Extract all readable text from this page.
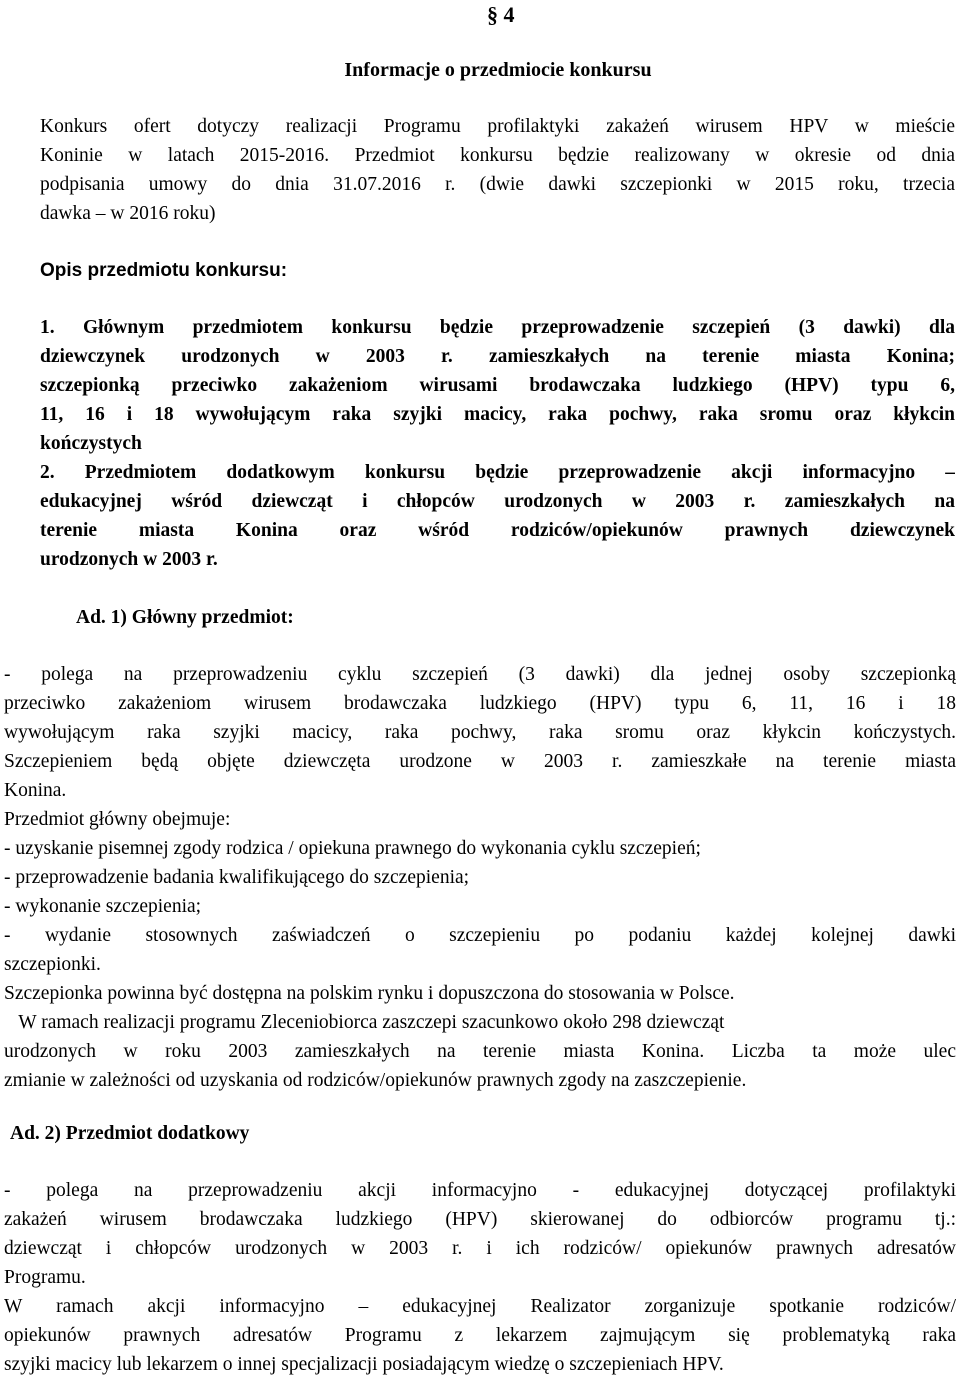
§ 4
Informacje o przedmiocie konkursu
Konkurs ofert dotyczy realizacji Programu profilaktyki zakażeń wirusem HPV w mieście
Koninie w latach 2015-2016. Przedmiot konkursu będzie realizowany w okresie od dnia
podpisania umowy do dnia 31.07.2016 r. (dwie dawki szczepionki w 2015 roku, trzecia
dawka – w 2016 roku)
Opis przedmiotu konkursu:
1. Głównym przedmiotem konkursu będzie przeprowadzenie szczepień (3 dawki) dla
dziewczynek urodzonych w 2003 r. zamieszkałych na terenie miasta Konina;
szczepionką przeciwko zakażeniom wirusami brodawczaka ludzkiego (HPV) typu 6,
11, 16 i 18 wywołującym raka szyjki macicy, raka pochwy, raka sromu oraz kłykcin
kończystych
2. Przedmiotem dodatkowym konkursu będzie przeprowadzenie akcji informacyjno –
edukacyjnej wśród dziewcząt i chłopców urodzonych w 2003 r. zamieszkałych na
terenie miasta Konina oraz wśród rodziców/opiekunów prawnych dziewczynek
urodzonych w 2003 r.
Ad. 1) Główny przedmiot:
- polega na przeprowadzeniu cyklu szczepień (3 dawki) dla jednej osoby szczepionką
przeciwko zakażeniom wirusem brodawczaka ludzkiego (HPV) typu 6, 11, 16 i 18
wywołującym raka szyjki macicy, raka pochwy, raka sromu oraz kłykcin kończystych.
Szczepieniem będą objęte dziewczęta urodzone w 2003 r. zamieszkałe na terenie miasta
Konina.
Przedmiot główny obejmuje:
- uzyskanie pisemnej zgody rodzica / opiekuna prawnego do wykonania cyklu szczepień;
- przeprowadzenie badania kwalifikującego do szczepienia;
- wykonanie szczepienia;
- wydanie stosownych zaświadczeń o szczepieniu po podaniu każdej kolejnej dawki
szczepionki.
Szczepionka powinna być dostępna na polskim rynku i dopuszczona do stosowania w Polsce.
W ramach realizacji programu Zleceniobiorca zaszczepi szacunkowo około 298 dziewcząt
urodzonych w roku 2003 zamieszkałych na terenie miasta Konina. Liczba ta może ulec
zmianie w zależności od uzyskania od rodziców/opiekunów prawnych zgody na zaszczepienie.
Ad. 2) Przedmiot dodatkowy
- polega na przeprowadzeniu akcji informacyjno - edukacyjnej dotyczącej profilaktyki
zakażeń wirusem brodawczaka ludzkiego (HPV) skierowanej do odbiorców programu tj.:
dziewcząt i chłopców urodzonych w 2003 r. i ich rodziców/ opiekunów prawnych adresatów
Programu.
W ramach akcji informacyjno – edukacyjnej Realizator zorganizuje spotkanie rodziców/
opiekunów prawnych adresatów Programu z lekarzem zajmującym się problematyką raka
szyjki macicy lub lekarzem o innej specjalizacji posiadającym wiedzę o szczepieniach HPV.
